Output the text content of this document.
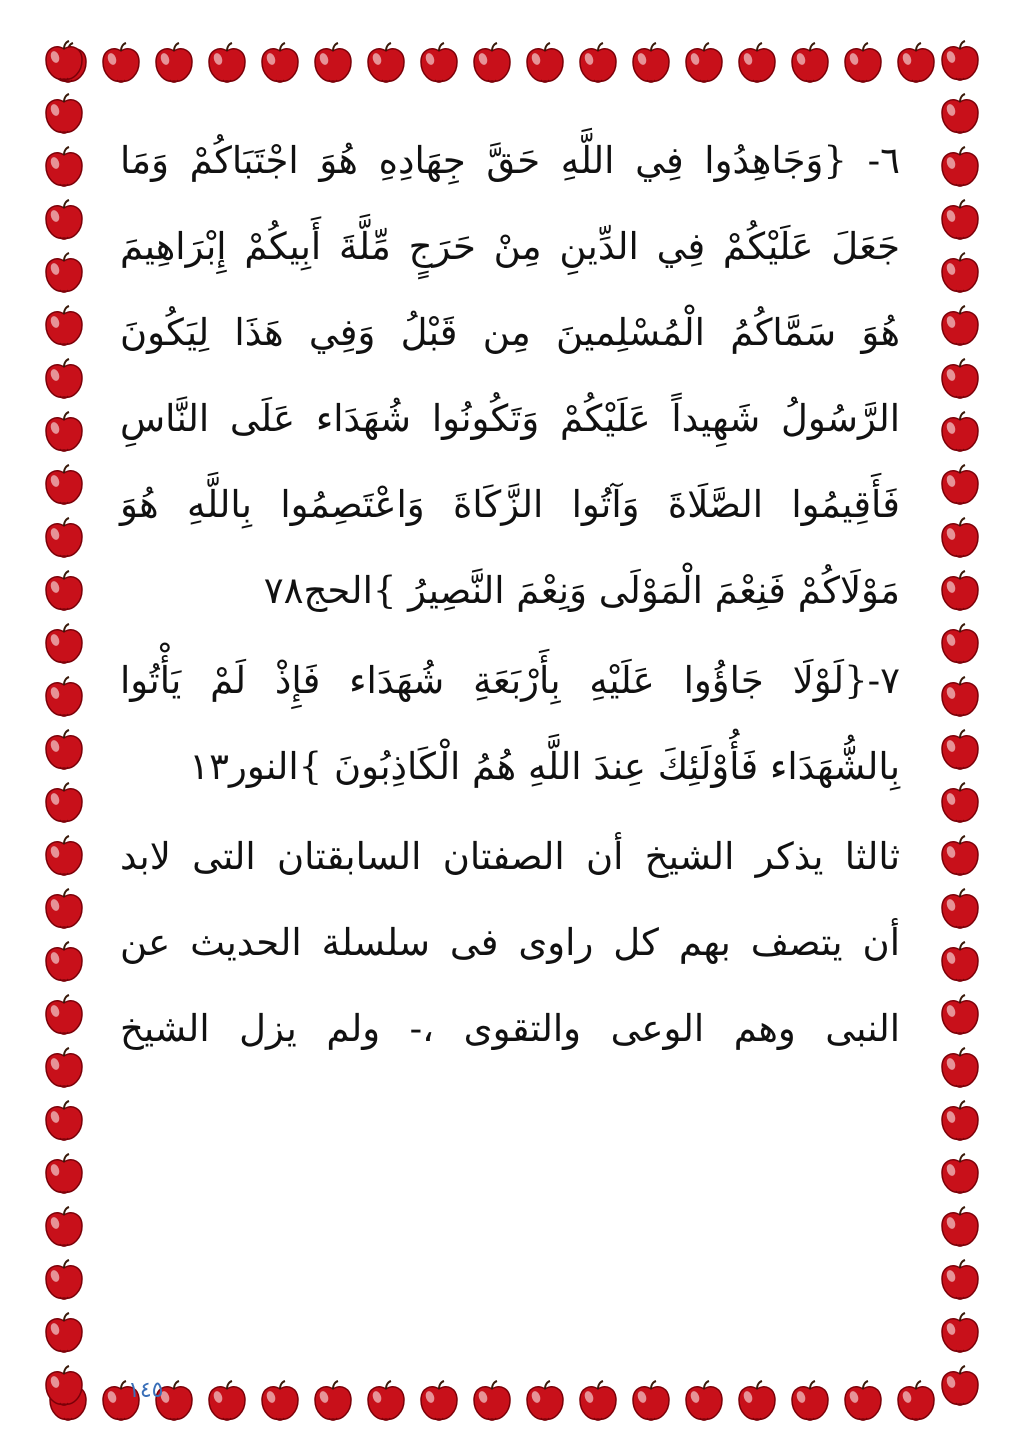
٦- {وَجَاهِدُوا فِي اللَّهِ حَقَّ جِهَادِهِ هُوَ اجْتَبَاكُمْ وَمَا
جَعَلَ عَلَيْكُمْ فِي الدِّينِ مِنْ حَرَجٍ مِّلَّةَ أَبِيكُمْ إِبْرَاهِيمَ
هُوَ سَمَّاكُمُ الْمُسْلِمينَ مِن قَبْلُ وَفِي هَذَا لِيَكُونَ
الرَّسُولُ شَهِيداً عَلَيْكُمْ وَتَكُونُوا شُهَدَاء عَلَى النَّاسِ
فَأَقِيمُوا الصَّلَاةَ وَآتُوا الزَّكَاةَ وَاعْتَصِمُوا بِاللَّهِ هُوَ
مَوْلَاكُمْ فَنِعْمَ الْمَوْلَى وَنِعْمَ النَّصِيرُ }الحج٧٨
٧-{لَوْلَا جَاؤُوا عَلَيْهِ بِأَرْبَعَةِ شُهَدَاء فَإِذْ لَمْ يَأْتُوا
بِالشُّهَدَاء فَأُوْلَئِكَ عِندَ اللَّهِ هُمُ الْكَاذِبُونَ }النور١٣
ثالثا يذكر الشيخ أن الصفتان السابقتان التى لابد
أن يتصف بهم كل راوى فى سلسلة الحديث عن
النبى وهم الوعى والتقوى ،- ولم يزل الشيخ
١٤٥
